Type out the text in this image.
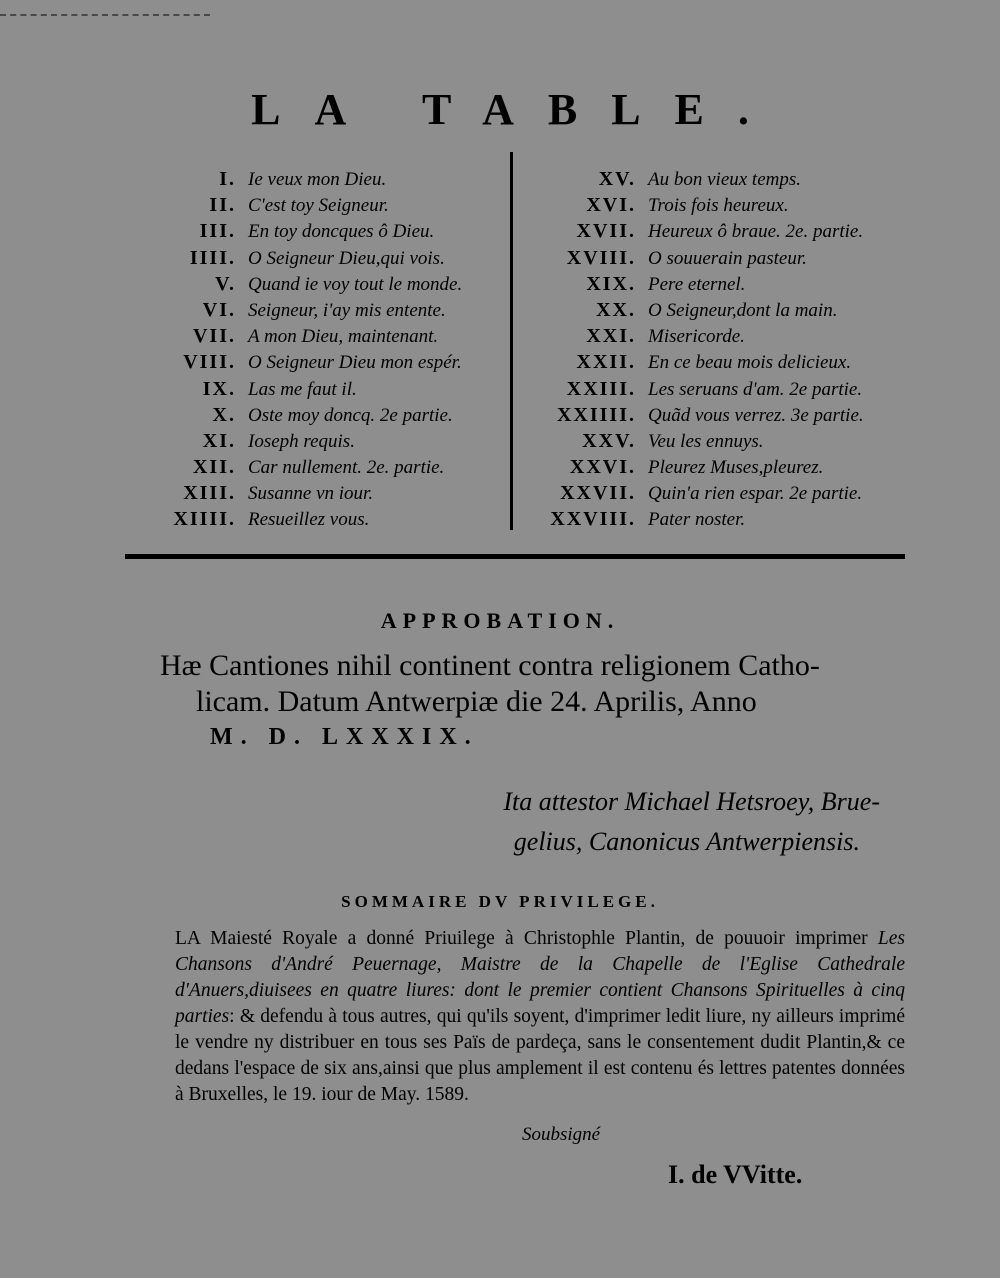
LA TABLE.
I. Ie veux mon Dieu.
II. C'est toy Seigneur.
III. En toy doncques ô Dieu.
IIII. O Seigneur Dieu,qui vois.
V. Quand ie voy tout le monde.
VI. Seigneur, i'ay mis entente.
VII. A mon Dieu, maintenant.
VIII. O Seigneur Dieu mon espér.
IX. Las me faut il.
X. Oste moy doncq. 2e partie.
XI. Ioseph requis.
XII. Car nullement. 2e. partie.
XIII. Susanne vn iour.
XIIII. Resueillez vous.
XV. Au bon vieux temps.
XVI. Trois fois heureux.
XVII. Heureux ô braue. 2e. partie.
XVIII. O souuerain pasteur.
XIX. Pere eternel.
XX. O Seigneur,dont la main.
XXI. Misericorde.
XXII. En ce beau mois delicieux.
XXIII. Les seruans d'am. 2e partie.
XXIIII. Quãd vous verrez. 3e partie.
XXV. Veu les ennuys.
XXVI. Pleurez Muses,pleurez.
XXVII. Quin'a rien espar. 2e partie.
XXVIII. Pater noster.
APPROBATION.
Hæ Cantiones nihil continent contra religionem Catho-
licam. Datum Antwerpiæ die 24. Aprilis, Anno
M. D. LXXXIX.
Ita attestor Michael Hetsroey, Brue-
gelius, Canonicus Antwerpiensis.
SOMMAIRE DV PRIVILEGE.
LA Maiesté Royale a donné Priuilege à Christophle Plantin, de pouuoir imprimer Les Chansons d'André Peuernage, Maistre de la Chapelle de l'Eglise Cathedrale d'Anuers,diuisees en quatre liures: dont le premier contient Chansons Spirituelles à cinq parties: & defendu à tous autres, qui qu'ils soyent, d'imprimer ledit liure, ny ailleurs imprimé le vendre ny distribuer en tous ses Païs de pardeça, sans le consentement dudit Plantin,& ce dedans l'espace de six ans,ainsi que plus amplement il est contenu és lettres patentes données à Bruxelles, le 19. iour de May. 1589.
Soubsigné
I. de VVitte.
